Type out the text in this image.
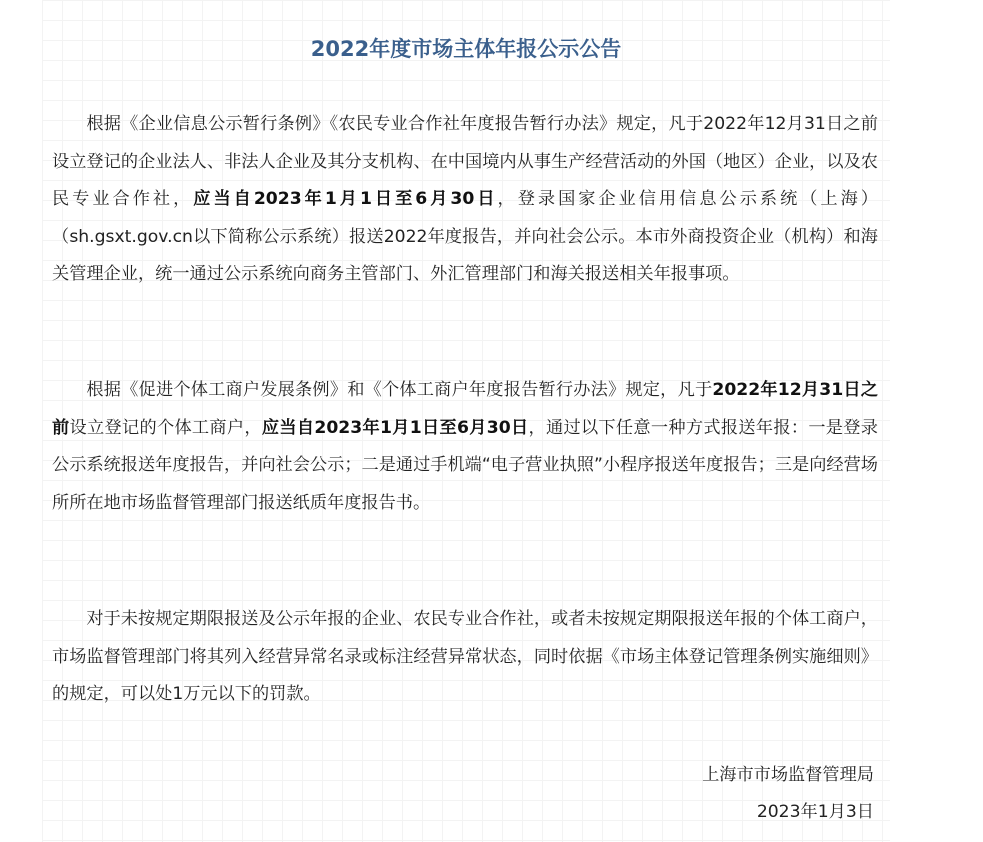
2022年度市场主体年报公示公告

根据《企业信息公示暂行条例》《农民专业合作社年度报告暂行办法》规定，凡于2022年12月31日之前设立登记的企业法人、非法人企业及其分支机构、在中国境内从事生产经营活动的外国（地区）企业，以及农民专业合作社，应当自2023年1月1日至6月30日，登录国家企业信用信息公示系统（上海）（sh.gsxt.gov.cn以下简称公示系统）报送2022年度报告，并向社会公示。本市外商投资企业（机构）和海关管理企业，统一通过公示系统向商务主管部门、外汇管理部门和海关报送相关年报事项。

根据《促进个体工商户发展条例》和《个体工商户年度报告暂行办法》规定，凡于2022年12月31日之前设立登记的个体工商户，应当自2023年1月1日至6月30日，通过以下任意一种方式报送年报：一是登录公示系统报送年度报告，并向社会公示；二是通过手机端“电子营业执照”小程序报送年度报告；三是向经营场所所在地市场监督管理部门报送纸质年度报告书。

对于未按规定期限报送及公示年报的企业、农民专业合作社，或者未按规定期限报送年报的个体工商户，市场监督管理部门将其列入经营异常名录或标注经营异常状态，同时依据《市场主体登记管理条例实施细则》的规定，可以处1万元以下的罚款。

上海市市场监督管理局

2023年1月3日
